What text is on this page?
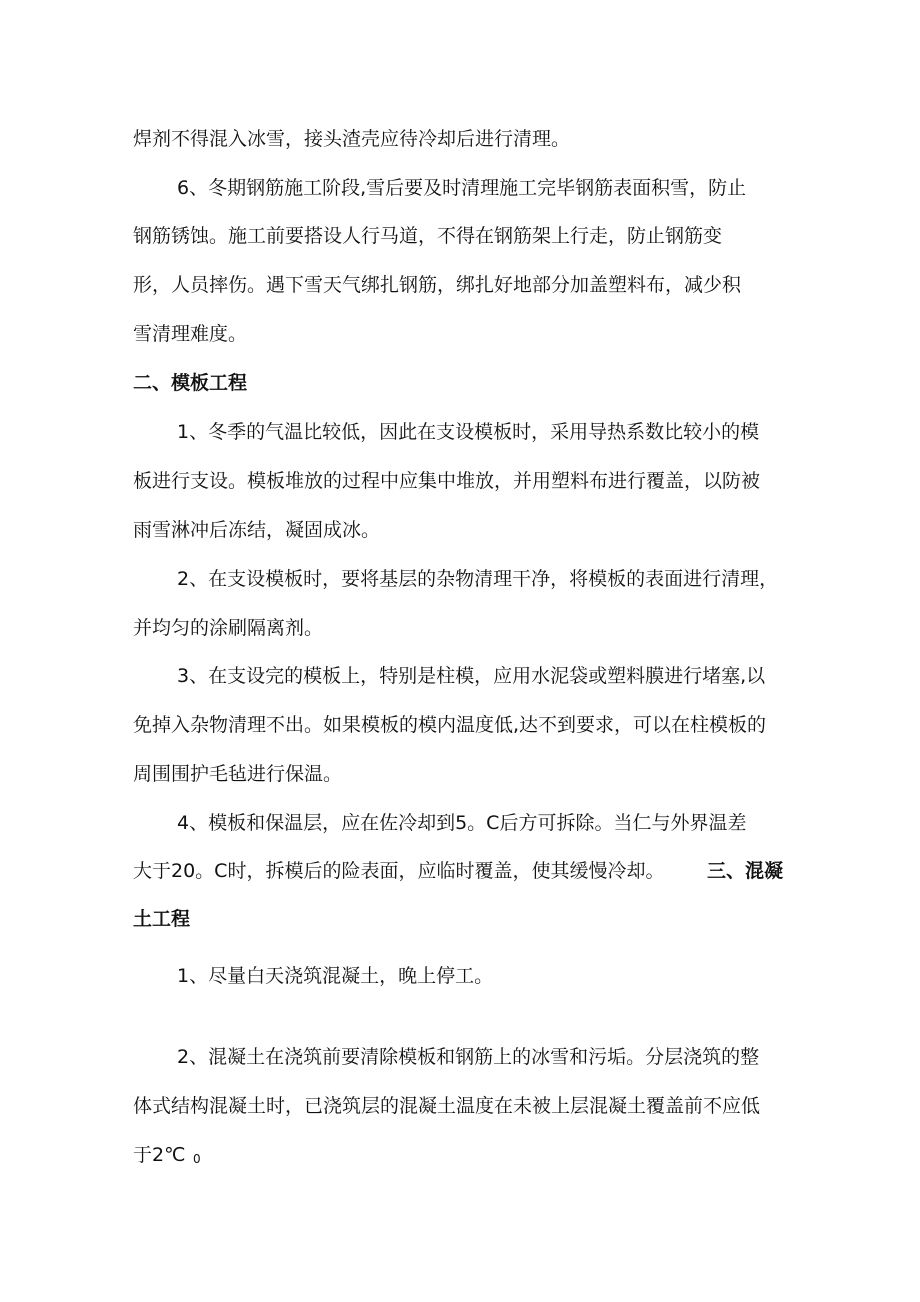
焊剂不得混入冰雪，接头渣壳应待冷却后进行清理。
6、冬期钢筋施工阶段,雪后要及时清理施工完毕钢筋表面积雪，防止
钢筋锈蚀。施工前要搭设人行马道，不得在钢筋架上行走，防止钢筋变
形，人员摔伤。遇下雪天气绑扎钢筋，绑扎好地部分加盖塑料布，减少积
雪清理难度。
二、模板工程
1、冬季的气温比较低，因此在支设模板时，采用导热系数比较小的模
板进行支设。模板堆放的过程中应集中堆放，并用塑料布进行覆盖，以防被
雨雪淋冲后冻结，凝固成冰。
2、在支设模板时，要将基层的杂物清理干净，将模板的表面进行清理，
并均匀的涂刷隔离剂。
3、在支设完的模板上，特别是柱模，应用水泥袋或塑料膜进行堵塞,以
免掉入杂物清理不出。如果模板的模内温度低,达不到要求，可以在柱模板的
周围围护毛毡进行保温。
4、模板和保温层，应在佐冷却到5。C后方可拆除。当仁与外界温差
大于20。C时，拆模后的险表面，应临时覆盖，使其缓慢冷却。	三、混凝
土工程
1、尽量白天浇筑混凝土，晚上停工。
2、混凝土在浇筑前要清除模板和钢筋上的冰雪和污垢。分层浇筑的整
体式结构混凝土时，已浇筑层的混凝土温度在未被上层混凝土覆盖前不应低
于2℃ 0
